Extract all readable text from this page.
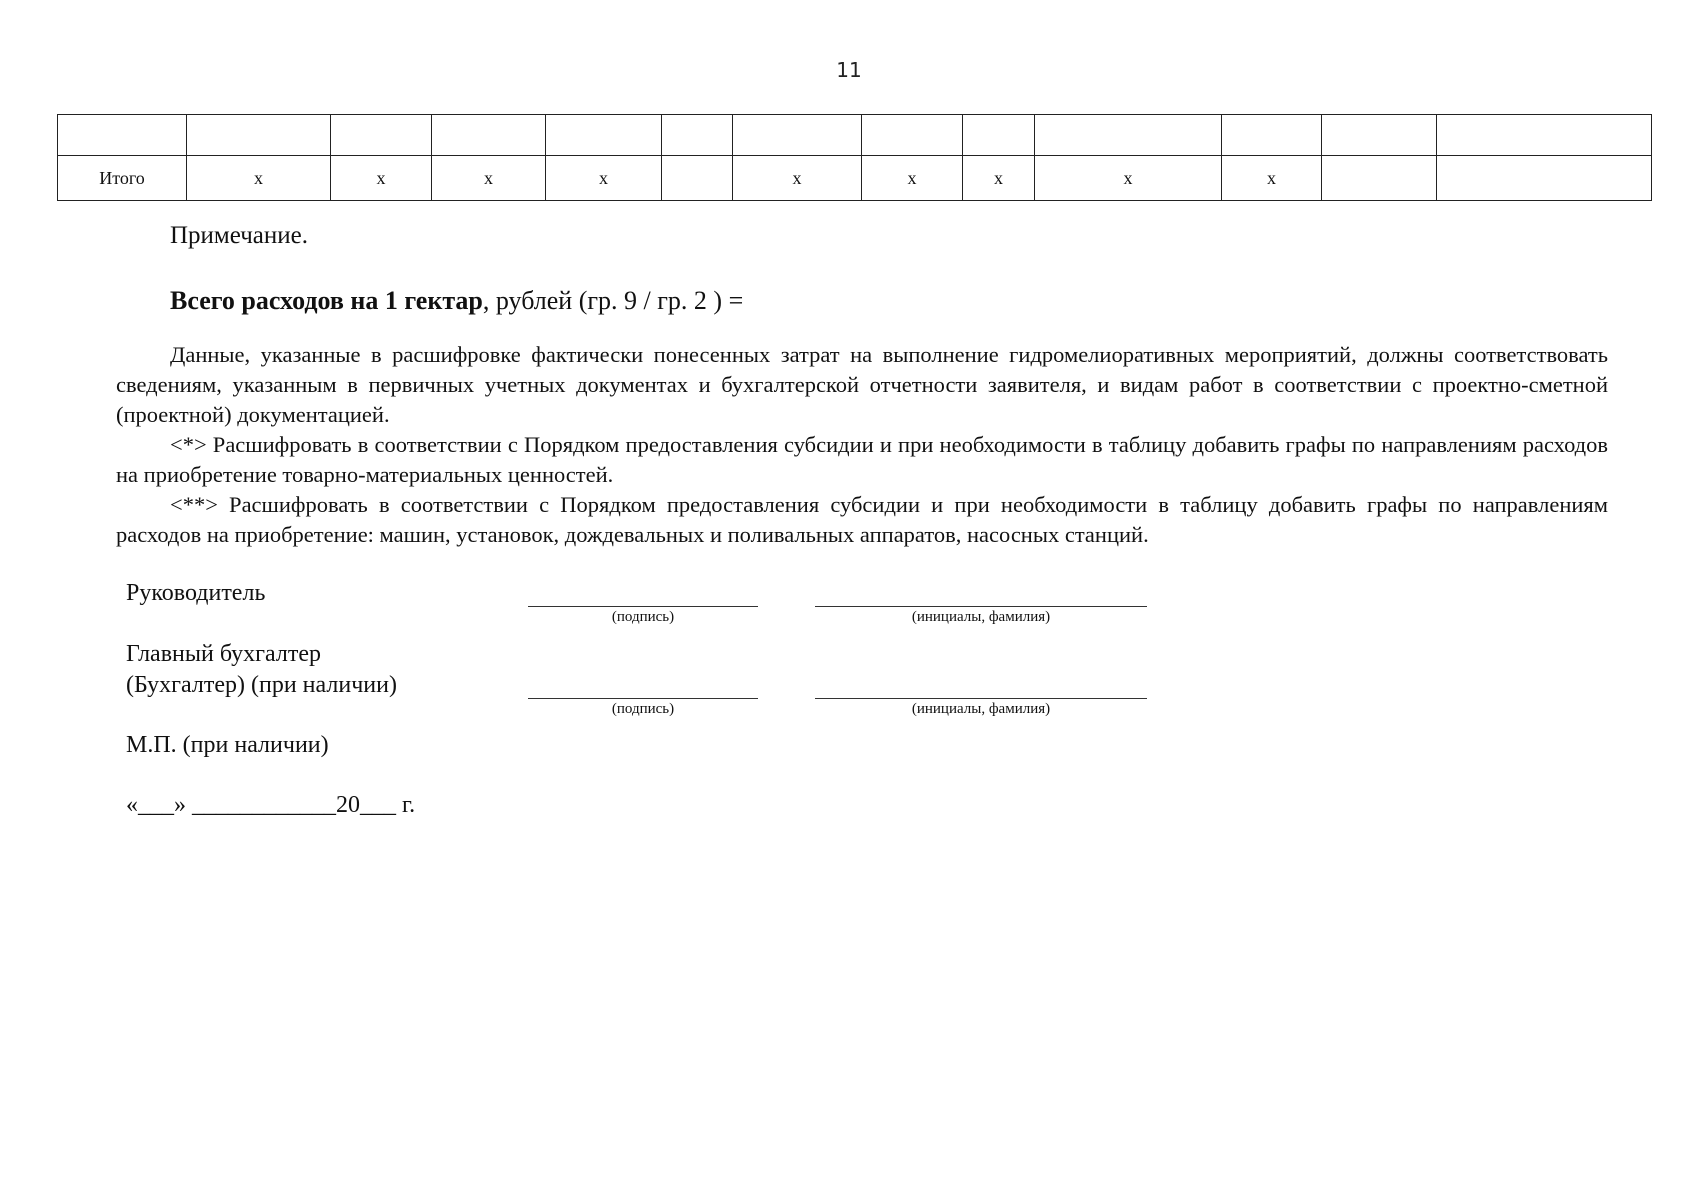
11

Итого	x	x	x	x		x	x	x	x	x		
Примечание.
Всего расходов на 1 гектар, рублей (гр. 9 / гр. 2 ) =

Данные, указанные в расшифровке фактически понесенных затрат на выполнение гидромелиоративных мероприятий, должны соответствовать сведениям, указанным в первичных учетных документах и бухгалтерской отчетности заявителя, и видам работ в соответствии с проектно-сметной (проектной) документацией.

<*> Расшифровать в соответствии с Порядком предоставления субсидии и при необходимости в таблицу добавить графы по направлениям расходов на приобретение товарно-материальных ценностей.

<**> Расшифровать в соответствии с Порядком предоставления субсидии и при необходимости в таблицу добавить графы по направлениям расходов на приобретение: машин, установок, дождевальных и поливальных аппаратов, насосных станций.

Руководитель
(подпись)	(инициалы, фамилия)
Главный бухгалтер
(Бухгалтер) (при наличии)
(подпись)	(инициалы, фамилия)
М.П. (при наличии)
«___» ____________20___ г.
